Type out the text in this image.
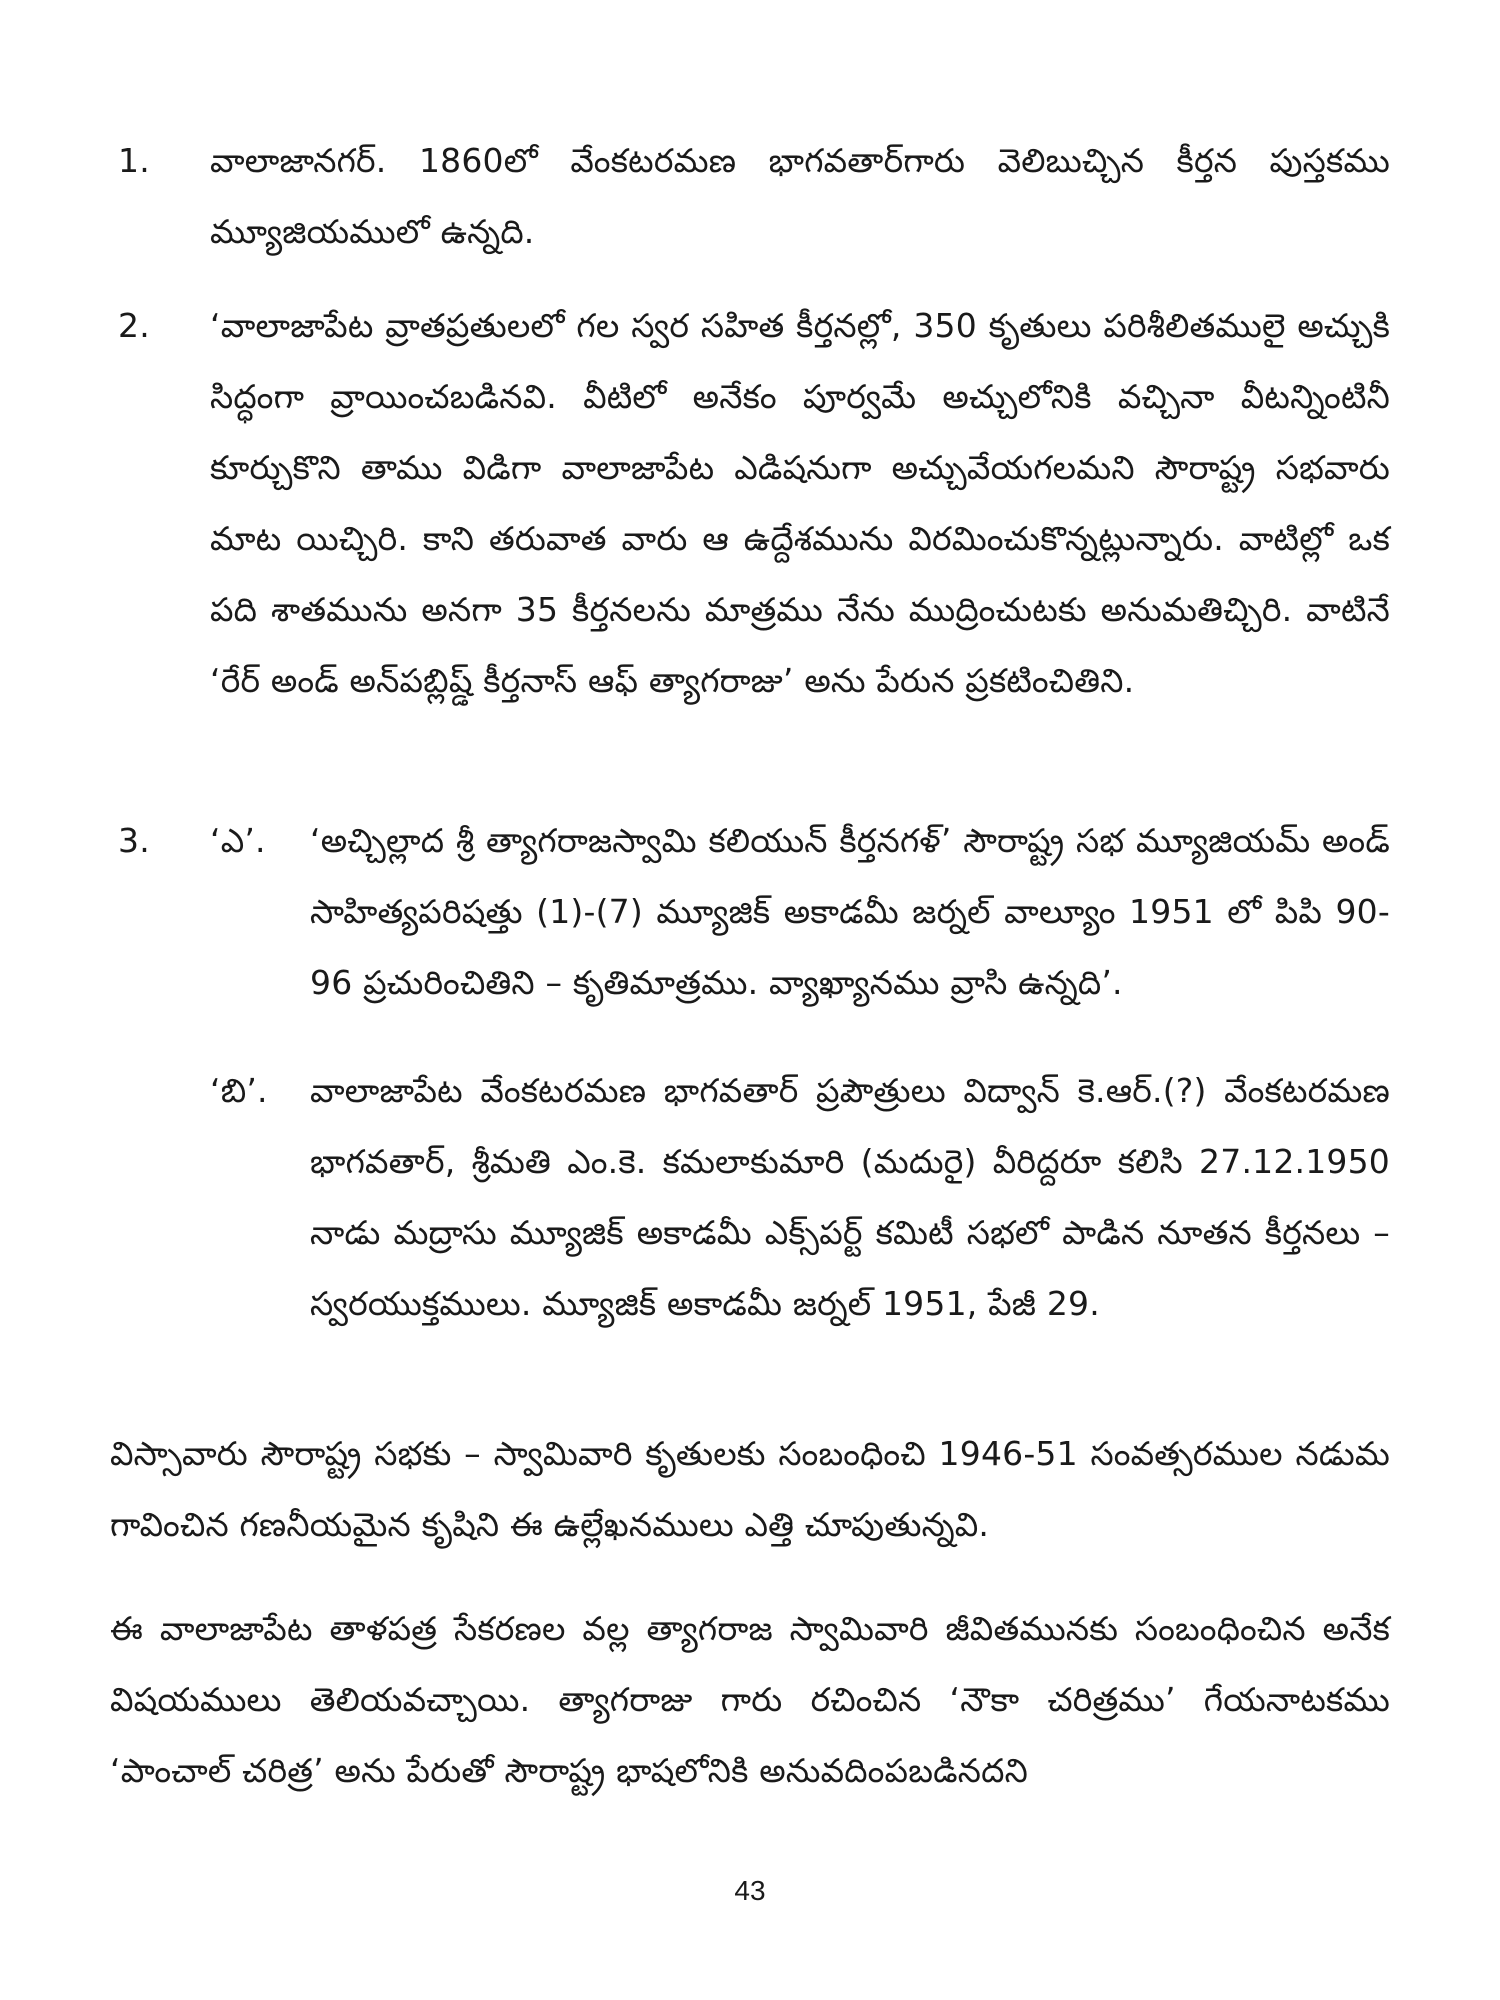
1. వాలాజానగర్. 1860లో వేంకటరమణ భాగవతార్‌గారు వెలిబుచ్చిన కీర్తన పుస్తకము మ్యూజియములో ఉన్నది.
2. ‘వాలాజాపేట వ్రాతప్రతులలో గల స్వర సహిత కీర్తనల్లో, 350 కృతులు పరిశీలితములై అచ్చుకి సిద్ధంగా వ్రాయించబడినవి. వీటిలో అనేకం పూర్వమే అచ్చులోనికి వచ్చినా వీటన్నింటినీ కూర్చుకొని తాము విడిగా వాలాజాపేట ఎడిషనుగా అచ్చువేయగలమని సౌరాష్ట్ర సభవారు మాట యిచ్చిరి. కాని తరువాత వారు ఆ ఉద్దేశమును విరమించుకొన్నట్లున్నారు. వాటిల్లో ఒక పది శాతమును అనగా 35 కీర్తనలను మాత్రము నేను ముద్రించుటకు అనుమతిచ్చిరి. వాటినే ‘రేర్ అండ్ అన్‌పబ్లిష్డ్ కీర్తనాస్ ఆఫ్ త్యాగరాజు’ అను పేరున ప్రకటించితిని.
3. ‘ఎ’. ‘అచ్చిల్లాద శ్రీ త్యాగరాజస్వామి కలియున్ కీర్తనగళ్’ సౌరాష్ట్ర సభ మ్యూజియమ్ అండ్ సాహిత్యపరిషత్తు (1)-(7) మ్యూజిక్ అకాడమీ జర్నల్ వాల్యూం 1951 లో పిపి 90-96 ప్రచురించితిని – కృతిమాత్రము. వ్యాఖ్యానము వ్రాసి ఉన్నది’.
‘బి’. వాలాజాపేట వేంకటరమణ భాగవతార్ ప్రపౌత్రులు విద్వాన్ కె.ఆర్.(?) వేంకటరమణ భాగవతార్, శ్రీమతి ఎం.కె. కమలాకుమారి (మదురై) వీరిద్దరూ కలిసి 27.12.1950 నాడు మద్రాసు మ్యూజిక్ అకాడమీ ఎక్స్‌పర్ట్ కమిటీ సభలో పాడిన నూతన కీర్తనలు – స్వరయుక్తములు. మ్యూజిక్ అకాడమీ జర్నల్ 1951, పేజీ 29.
విస్సావారు సౌరాష్ట్ర సభకు – స్వామివారి కృతులకు సంబంధించి 1946-51 సంవత్సరముల నడుమ గావించిన గణనీయమైన కృషిని ఈ ఉల్లేఖనములు ఎత్తి చూపుతున్నవి.
ఈ వాలాజాపేట తాళపత్ర సేకరణల వల్ల త్యాగరాజ స్వామివారి జీవితమునకు సంబంధించిన అనేక విషయములు తెలియవచ్చాయి. త్యాగరాజు గారు రచించిన ‘నౌకా చరిత్రము’ గేయనాటకము ‘పాంచాల్ చరిత్ర’ అను పేరుతో సౌరాష్ట్ర భాషలోనికి అనువదింపబడినదని
43
